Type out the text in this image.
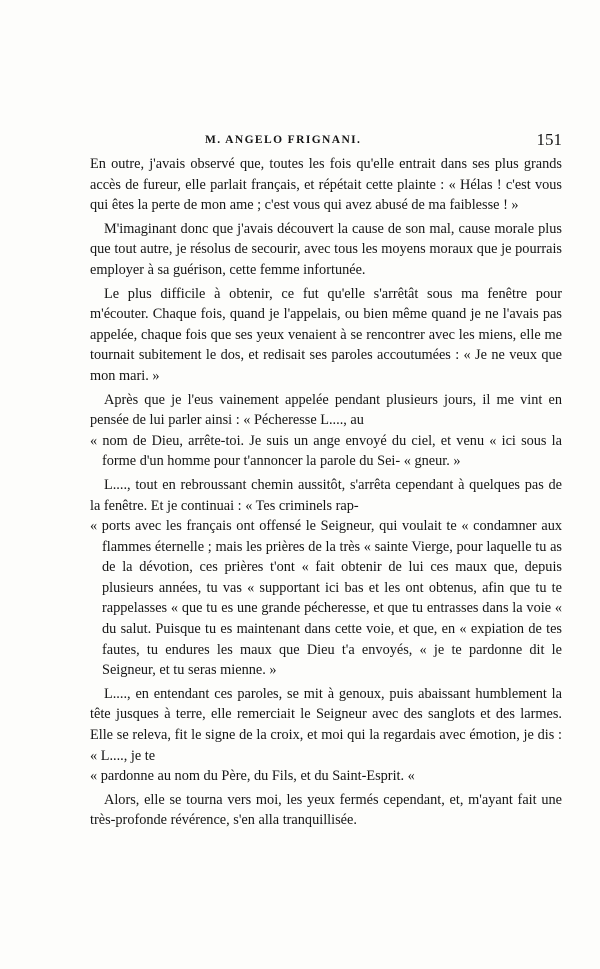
M. ANGELO FRIGNANI.	151

En outre, j'avais observé que, toutes les fois qu'elle entrait dans ses plus grands accès de fureur, elle parlait français, et répétait cette plainte : « Hélas ! c'est vous qui êtes la perte de mon ame ; c'est vous qui avez abusé de ma faiblesse ! »

M'imaginant donc que j'avais découvert la cause de son mal, cause morale plus que tout autre, je résolus de secourir, avec tous les moyens moraux que je pourrais employer à sa guérison, cette femme infortunée.

Le plus difficile à obtenir, ce fut qu'elle s'arrêtât sous ma fenêtre pour m'écouter. Chaque fois, quand je l'appelais, ou bien même quand je ne l'avais pas appelée, chaque fois que ses yeux venaient à se rencontrer avec les miens, elle me tournait subitement le dos, et redisait ses paroles accoutumées : « Je ne veux que mon mari. »

Après que je l'eus vainement appelée pendant plusieurs jours, il me vint en pensée de lui parler ainsi : « Pécheresse L...., au
« nom de Dieu, arrête-toi. Je suis un ange envoyé du ciel, et venu « ici sous la forme d'un homme pour t'annoncer la parole du Sei- « gneur. »

L...., tout en rebroussant chemin aussitôt, s'arrêta cependant à quelques pas de la fenêtre. Et je continuai : « Tes criminels rap-
« ports avec les français ont offensé le Seigneur, qui voulait te « condamner aux flammes éternelle ; mais les prières de la très « sainte Vierge, pour laquelle tu as de la dévotion, ces prières t'ont « fait obtenir de lui ces maux que, depuis plusieurs années, tu vas « supportant ici bas et les ont obtenus, afin que tu te rappelasses « que tu es une grande pécheresse, et que tu entrasses dans la voie « du salut. Puisque tu es maintenant dans cette voie, et que, en « expiation de tes fautes, tu endures les maux que Dieu t'a envoyés, « je te pardonne dit le Seigneur, et tu seras mienne. »

L...., en entendant ces paroles, se mit à genoux, puis abaissant humblement la tête jusques à terre, elle remerciait le Seigneur avec des sanglots et des larmes. Elle se releva, fit le signe de la croix, et moi qui la regardais avec émotion, je dis : « L...., je te
« pardonne au nom du Père, du Fils, et du Saint-Esprit. «

Alors, elle se tourna vers moi, les yeux fermés cependant, et, m'ayant fait une très-profonde révérence, s'en alla tranquillisée.
